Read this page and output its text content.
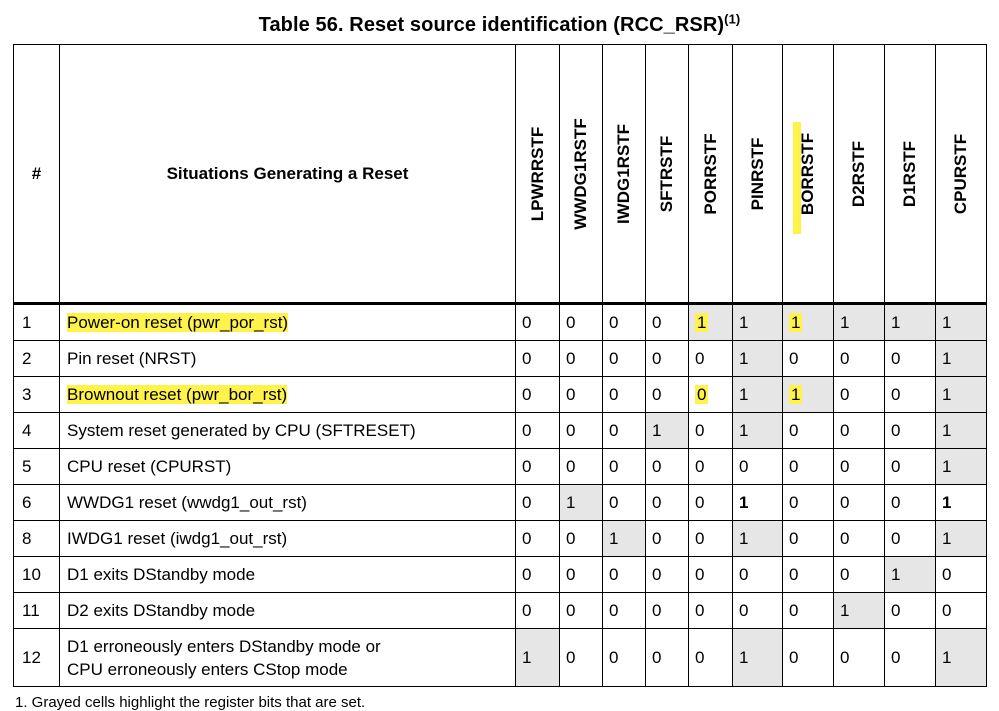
Table 56. Reset source identification (RCC_RSR)$^{(1)}$
#	Situations Generating a Reset	LPWRRSTF	WWDG1RSTF	IWDG1RSTF	SFTRSTF	PORRSTF	PINRSTF	BORRSTF	D2RSTF	D1RSTF	CPURSTF

1	Power-on reset (pwr_por_rst)	0	0	0	0	1	1	1	1	1	1
2	Pin reset (NRST)	0	0	0	0	0	1	0	0	0	1
3	Brownout reset (pwr_bor_rst)	0	0	0	0	0	1	1	0	0	1
4	System reset generated by CPU (SFTRESET)	0	0	0	1	0	1	0	0	0	1
5	CPU reset (CPURST)	0	0	0	0	0	0	0	0	0	1
6	WWDG1 reset (wwdg1_out_rst)	0	1	0	0	0	1	0	0	0	1
8	IWDG1 reset (iwdg1_out_rst)	0	0	1	0	0	1	0	0	0	1
10	D1 exits DStandby mode	0	0	0	0	0	0	0	0	1	0
11	D2 exits DStandby mode	0	0	0	0	0	0	0	1	0	0
12	D1 erroneously enters DStandby mode or
CPU erroneously enters CStop mode	1	0	0	0	0	1	0	0	0	1
1. Grayed cells highlight the register bits that are set.
